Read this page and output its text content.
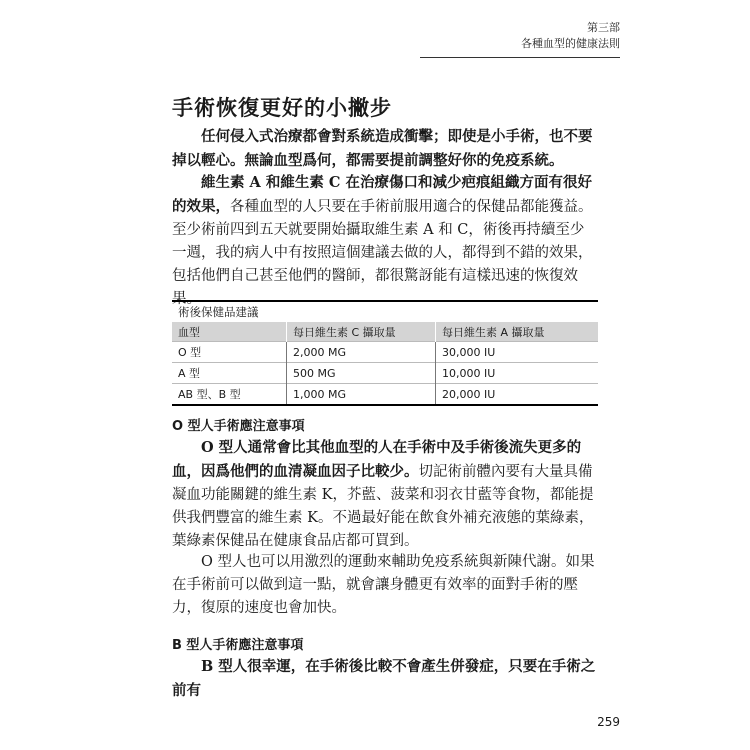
第三部
各種血型的健康法則
手術恢復更好的小撇步

任何侵入式治療都會對系統造成衝擊；即使是小手術，也不要掉以輕心。無論血型爲何，都需要提前調整好你的免疫系統。

維生素 A 和維生素 C 在治療傷口和減少疤痕組織方面有很好的效果，各種血型的人只要在手術前服用適合的保健品都能獲益。至少術前四到五天就要開始攝取維生素 A 和 C，術後再持續至少一週，我的病人中有按照這個建議去做的人，都得到不錯的效果，包括他們自己甚至他們的醫師，都很驚訝能有這樣迅速的恢復效果。

術後保健品建議
血型	每日維生素 C 攝取量	每日維生素 A 攝取量
O 型	2,000 MG	30,000 IU
A 型	500 MG	10,000 IU
AB 型、B 型	1,000 MG	20,000 IU
O 型人手術應注意事項

O 型人通常會比其他血型的人在手術中及手術後流失更多的血，因爲他們的血清凝血因子比較少。切記術前體內要有大量具備凝血功能關鍵的維生素 K，芥藍、菠菜和羽衣甘藍等食物，都能提供我們豐富的維生素 K。不過最好能在飲食外補充液態的葉綠素，葉綠素保健品在健康食品店都可買到。

O 型人也可以用激烈的運動來輔助免疫系統與新陳代謝。如果在手術前可以做到這一點，就會讓身體更有效率的面對手術的壓力，復原的速度也會加快。

B 型人手術應注意事項

B 型人很幸運，在手術後比較不會產生併發症，只要在手術之前有

259
